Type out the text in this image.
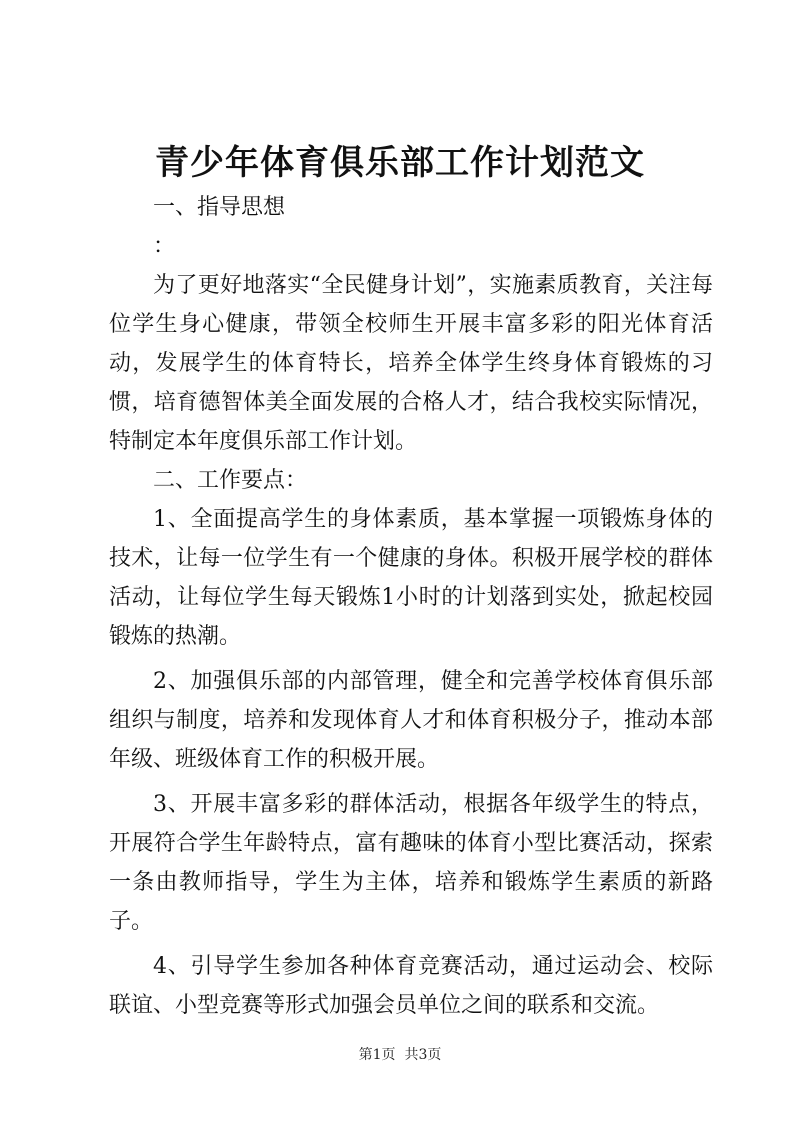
青少年体育俱乐部工作计划范文

一、指导思想

：

为了更好地落实“全民健身计划”，实施素质教育，关注每位学生身心健康，带领全校师生开展丰富多彩的阳光体育活动，发展学生的体育特长，培养全体学生终身体育锻炼的习惯，培育德智体美全面发展的合格人才，结合我校实际情况，特制定本年度俱乐部工作计划。

二、工作要点：

1、全面提高学生的身体素质，基本掌握一项锻炼身体的技术，让每一位学生有一个健康的身体。积极开展学校的群体活动，让每位学生每天锻炼1小时的计划落到实处，掀起校园锻炼的热潮。

2、加强俱乐部的内部管理，健全和完善学校体育俱乐部组织与制度，培养和发现体育人才和体育积极分子，推动本部年级、班级体育工作的积极开展。

3、开展丰富多彩的群体活动，根据各年级学生的特点，开展符合学生年龄特点，富有趣味的体育小型比赛活动，探索一条由教师指导，学生为主体，培养和锻炼学生素质的新路子。

4、引导学生参加各种体育竞赛活动，通过运动会、校际联谊、小型竞赛等形式加强会员单位之间的联系和交流。

第1页 共3页
